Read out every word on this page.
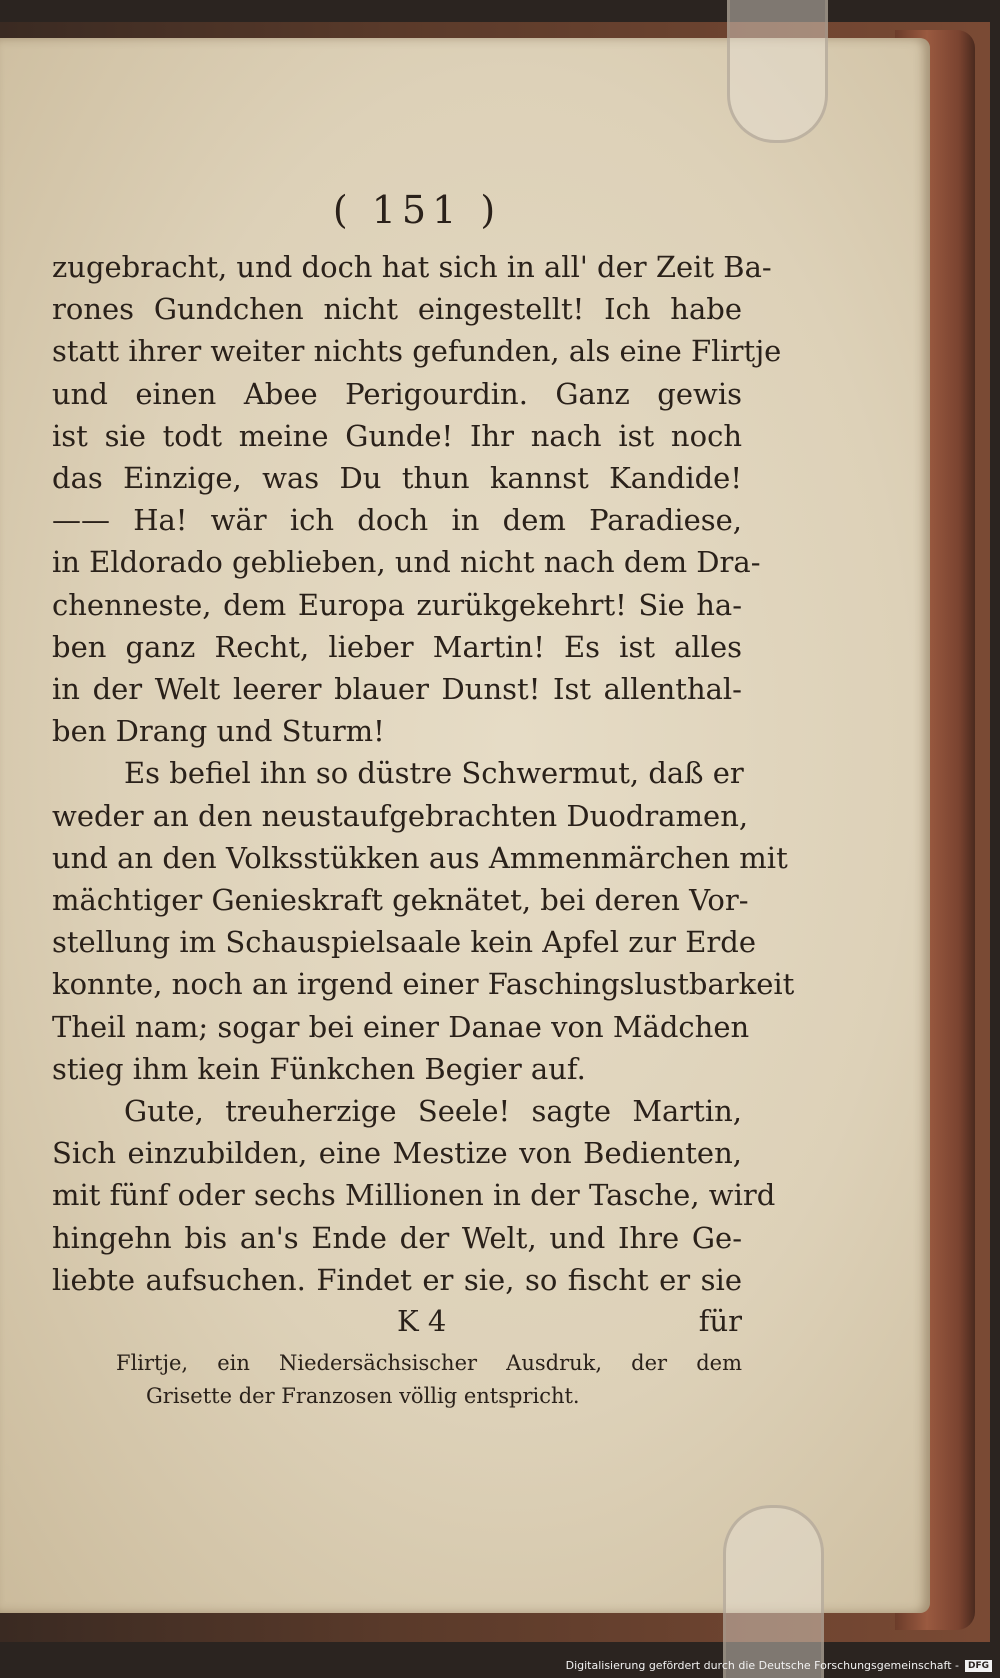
( 151 )
zugebracht, und doch hat sich in all' der Zeit Ba-
rones Gundchen nicht eingestellt! Ich habe
statt ihrer weiter nichts gefunden, als eine Flirtje
und einen Abee Perigourdin. Ganz gewis
ist sie todt meine Gunde! Ihr nach ist noch
das Einzige, was Du thun kannst Kandide!
—— Ha! wär ich doch in dem Paradiese,
in Eldorado geblieben, und nicht nach dem Dra-
chenneste, dem Europa zurükgekehrt! Sie ha-
ben ganz Recht, lieber Martin! Es ist alles
in der Welt leerer blauer Dunst! Ist allenthal-
ben Drang und Sturm!
Es befiel ihn so düstre Schwermut, daß er
weder an den neustaufgebrachten Duodramen,
und an den Volksstükken aus Ammenmärchen mit
mächtiger Genieskraft geknätet, bei deren Vor-
stellung im Schauspielsaale kein Apfel zur Erde
konnte, noch an irgend einer Faschingslustbarkeit
Theil nam; sogar bei einer Danae von Mädchen
stieg ihm kein Fünkchen Begier auf.
Gute, treuherzige Seele! sagte Martin,
Sich einzubilden, eine Mestize von Bedienten,
mit fünf oder sechs Millionen in der Tasche, wird
hingehn bis an's Ende der Welt, und Ihre Ge-
liebte aufsuchen. Findet er sie, so fischt er sie
K 4	für
Flirtje, ein Niedersächsischer Ausdruk, der dem
Grisette der Franzosen völlig entspricht.
Digitalisierung gefördert durch die Deutsche Forschungsgemeinschaft -	DFG
